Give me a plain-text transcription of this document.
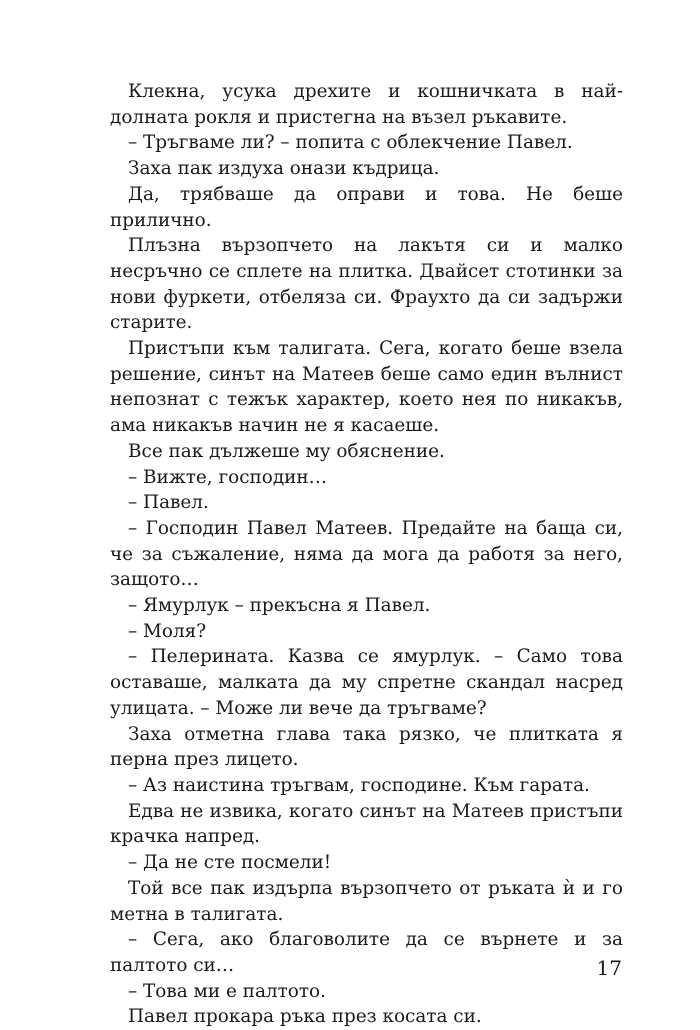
Клекна, усука дрехите и кошничката в най-долната рокля и пристегна на възел ръкавите.

– Тръгваме ли? – попита с облекчение Павел.

Заха пак издуха онази къдрица.

Да, трябваше да оправи и това. Не беше прилично.

Плъзна вързопчето на лакътя си и малко несръчно се сплете на плитка. Двайсет стотинки за нови фуркети, отбеляза си. Фраухто да си задържи старите.

Пристъпи към талигата. Сега, когато беше взела решение, синът на Матеев беше само един вълнист непознат с тежък характер, което нея по никакъв, ама никакъв начин не я касаеше.

Все пак дължеше му обяснение.

– Вижте, господин…

– Павел.

– Господин Павел Матеев. Предайте на баща си, че за съжаление, няма да мога да работя за него, защото…

– Ямурлук – прекъсна я Павел.

– Моля?

– Пелерината. Казва се ямурлук. – Само това оставаше, малката да му спретне скандал насред улицата. – Може ли вече да тръгваме?

Заха отметна глава така рязко, че плитката я перна през лицето.

– Аз наистина тръгвам, господине. Към гарата.

Едва не извика, когато синът на Матеев пристъпи крачка напред.

– Да не сте посмели!

Той все пак издърпа вързопчето от ръката ѝ и го метна в талигата.

– Сега, ако благоволите да се върнете и за палтото си…

– Това ми е палтото.

Павел прокара ръка през косата си.

17
